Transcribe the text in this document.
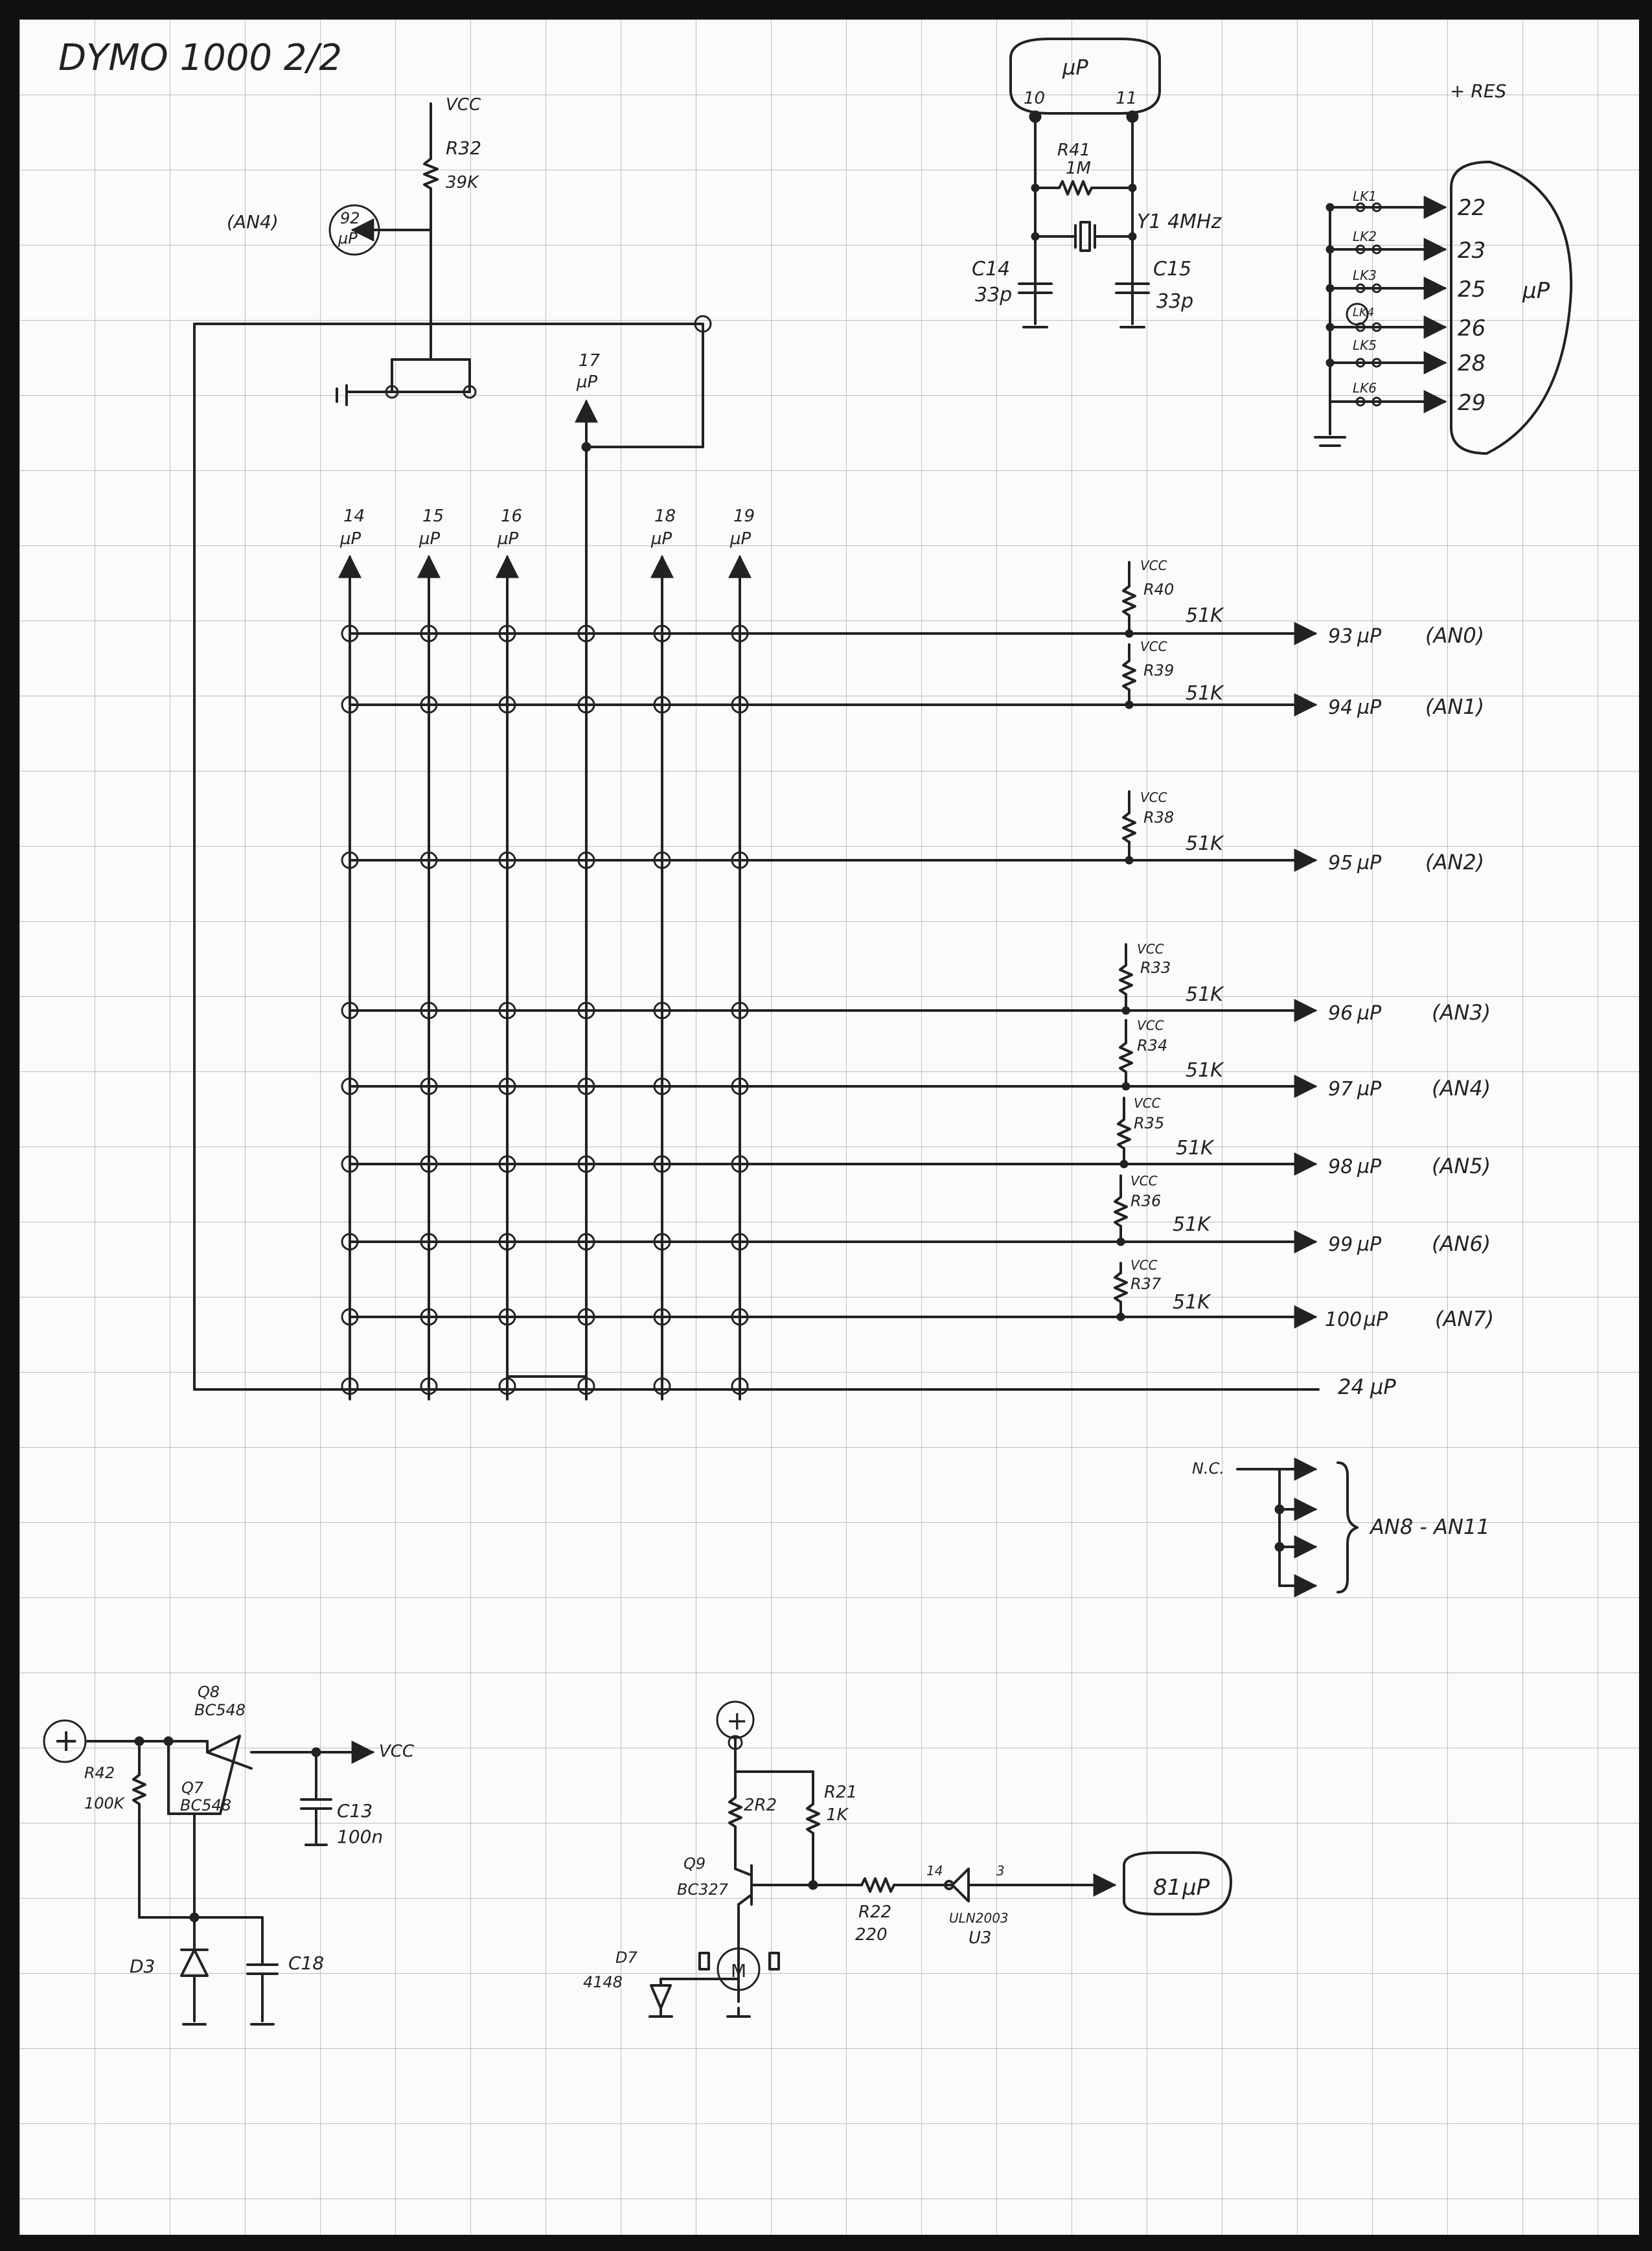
DYMO 1000 2/2
VCC
R32
39K
(AN4)	92
µP
+ RES
µP
10	11
R41
1M
Y1 4MHz
C14
33p
C15
33p
LK1
LK2
LK3
LK4
LK5
LK6
22
23
25
26
28
29
µP
14
µP
15
µP
16
µP
17
µP
18
µP
19
µP
VCC
R40
51K
93 µP (AN0)
VCC
R39
51K
94 µP (AN1)
VCC
R38
51K
95 µP (AN2)
VCC
R33
51K
96 µP (AN3)
VCC
R34
51K
97 µP (AN4)
VCC
R35
51K
98 µP (AN5)
VCC
R36
51K
99 µP (AN6)
VCC
R37
51K
100 µP (AN7)
24 µP
N.C.
AN8 - AN11
+
Q8
BC548
Q7
BC548
R42
100K
VCC
C13
100n
D3	C18
+
2R2
R21
1K
Q9
BC327
R22
220
14	3
ULN2003
U3
81 µP
D7
4148
M
